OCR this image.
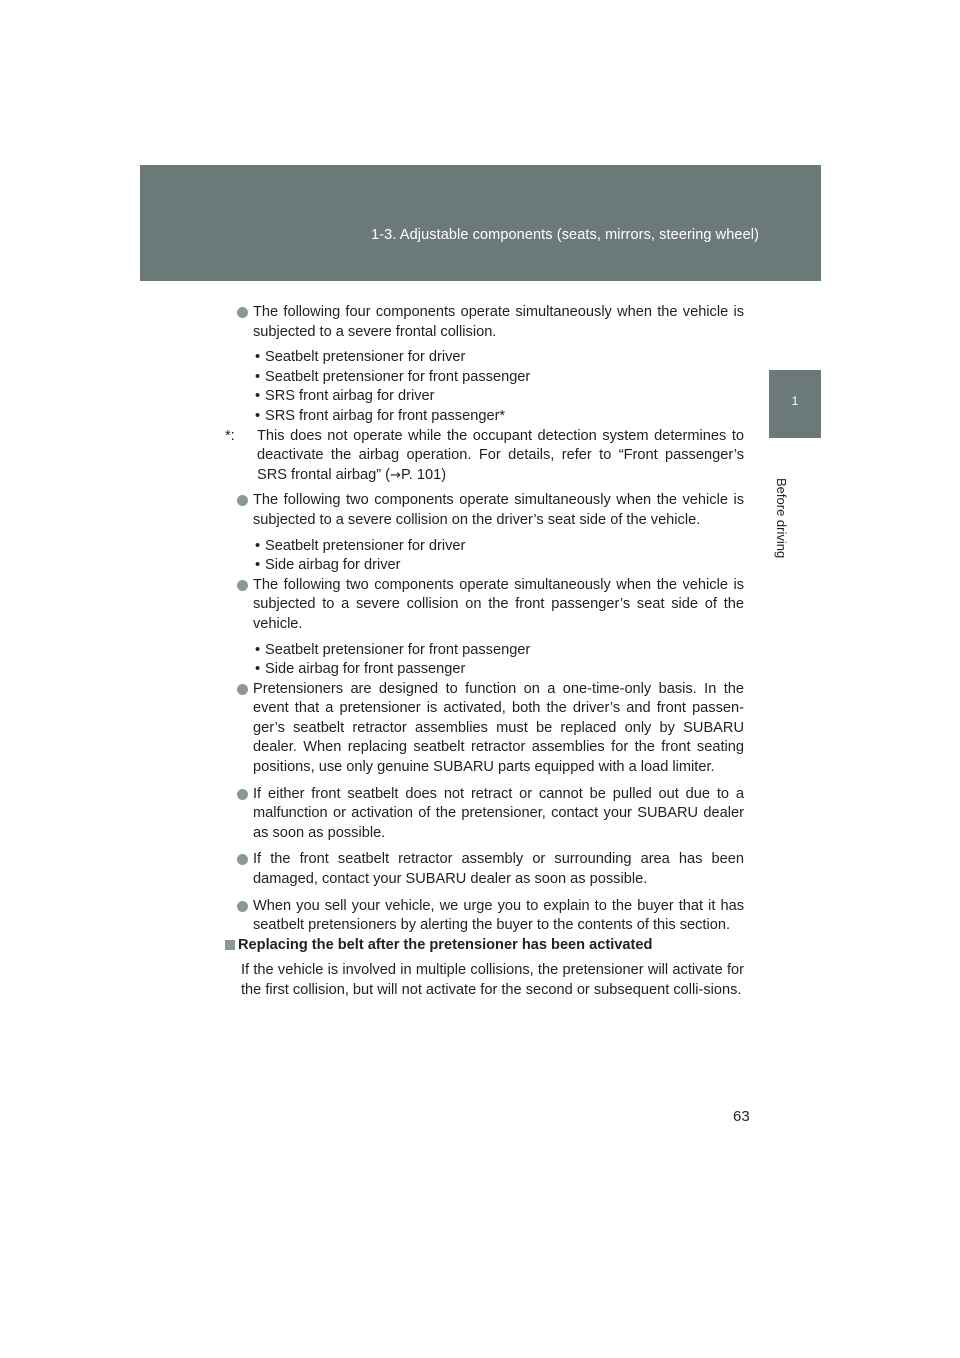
1-3. Adjustable components (seats, mirrors, steering wheel)
1
Before driving

The following four components operate simultaneously when the vehicle is subjected to a severe frontal collision.

• Seatbelt pretensioner for driver

• Seatbelt pretensioner for front passenger

• SRS front airbag for driver

• SRS front airbag for front passenger*

*: This does not operate while the occupant detection system determines to deactivate the airbag operation. For details, refer to “Front passenger’s SRS frontal airbag” (→P. 101)

The following two components operate simultaneously when the vehicle is subjected to a severe collision on the driver’s seat side of the vehicle.

• Seatbelt pretensioner for driver

• Side airbag for driver

The following two components operate simultaneously when the vehicle is subjected to a severe collision on the front passenger’s seat side of the vehicle.

• Seatbelt pretensioner for front passenger

• Side airbag for front passenger

Pretensioners are designed to function on a one-time-only basis. In the event that a pretensioner is activated, both the driver’s and front passen-ger’s seatbelt retractor assemblies must be replaced only by SUBARU dealer. When replacing seatbelt retractor assemblies for the front seating positions, use only genuine SUBARU parts equipped with a load limiter.

If either front seatbelt does not retract or cannot be pulled out due to a malfunction or activation of the pretensioner, contact your SUBARU dealer as soon as possible.

If the front seatbelt retractor assembly or surrounding area has been damaged, contact your SUBARU dealer as soon as possible.

When you sell your vehicle, we urge you to explain to the buyer that it has seatbelt pretensioners by alerting the buyer to the contents of this section.

Replacing the belt after the pretensioner has been activated

If the vehicle is involved in multiple collisions, the pretensioner will activate for the first collision, but will not activate for the second or subsequent colli-sions.

63
